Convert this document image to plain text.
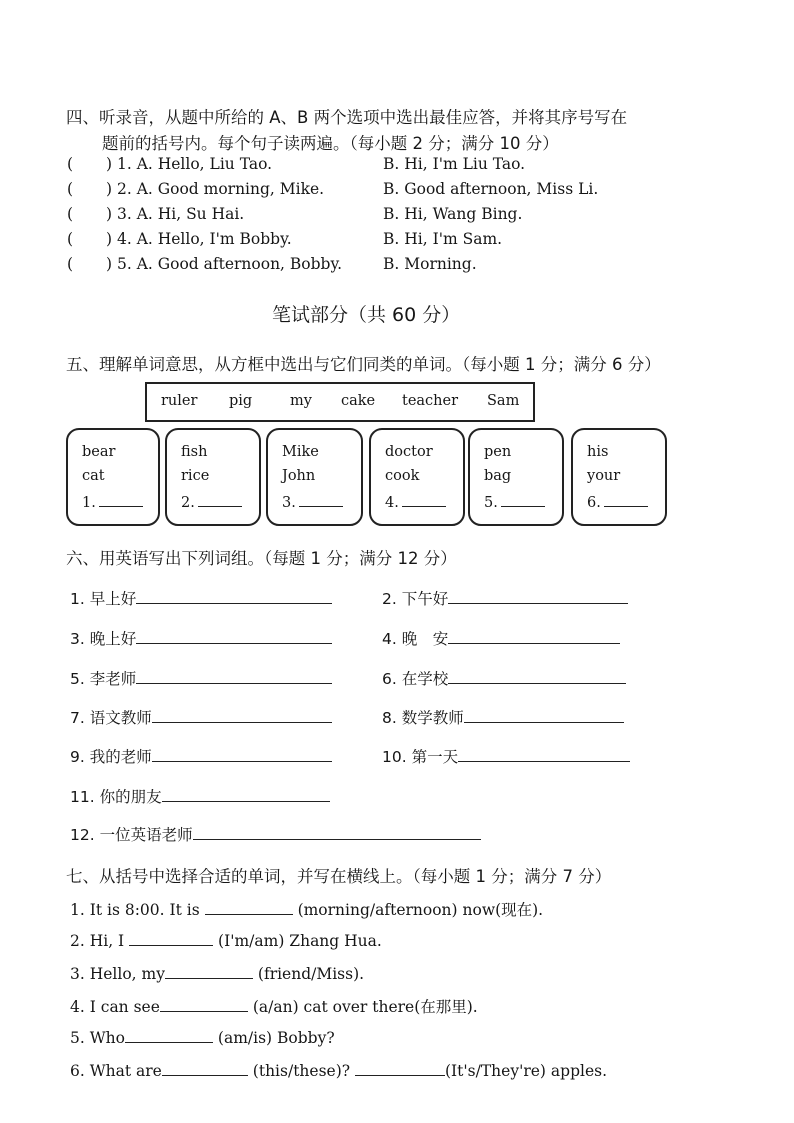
四、听录音，从题中所给的 A、B 两个选项中选出最佳应答，并将其序号写在
题前的括号内。每个句子读两遍。（每小题 2 分；满分 10 分）
( ) 1. A. Hello, Liu Tao.	B. Hi, I'm Liu Tao.
( ) 2. A. Good morning, Mike.	B. Good afternoon, Miss Li.
( ) 3. A. Hi, Su Hai.	B. Hi, Wang Bing.
( ) 4. A. Hello, I'm Bobby.	B. Hi, I'm Sam.
( ) 5. A. Good afternoon, Bobby.	B. Morning.
笔试部分（共 60 分）
五、理解单词意思，从方框中选出与它们同类的单词。（每小题 1 分；满分 6 分）
ruler pig	my cake teacher Sam
bear
cat
1.
fish
rice
2.
Mike
John
3.
doctor
cook
4.
pen
bag
5.
his
your
6.
六、用英语写出下列词组。（每题 1 分；满分 12 分）
1. 早上好	2. 下午好
3. 晚上好	4. 晚　安
5. 李老师	6. 在学校
7. 语文教师	8. 数学教师
9. 我的老师	10. 第一天
11. 你的朋友
12. 一位英语老师
七、从括号中选择合适的单词，并写在横线上。（每小题 1 分；满分 7 分）
1. It is 8:00. It is	(morning/afternoon) now(现在).
2. Hi, I	(I'm/am) Zhang Hua.
3. Hello, my	(friend/Miss).
4. I can see	(a/an) cat over there(在那里).
5. Who	(am/is) Bobby?
6. What are	(this/these)?	(It's/They're) apples.
